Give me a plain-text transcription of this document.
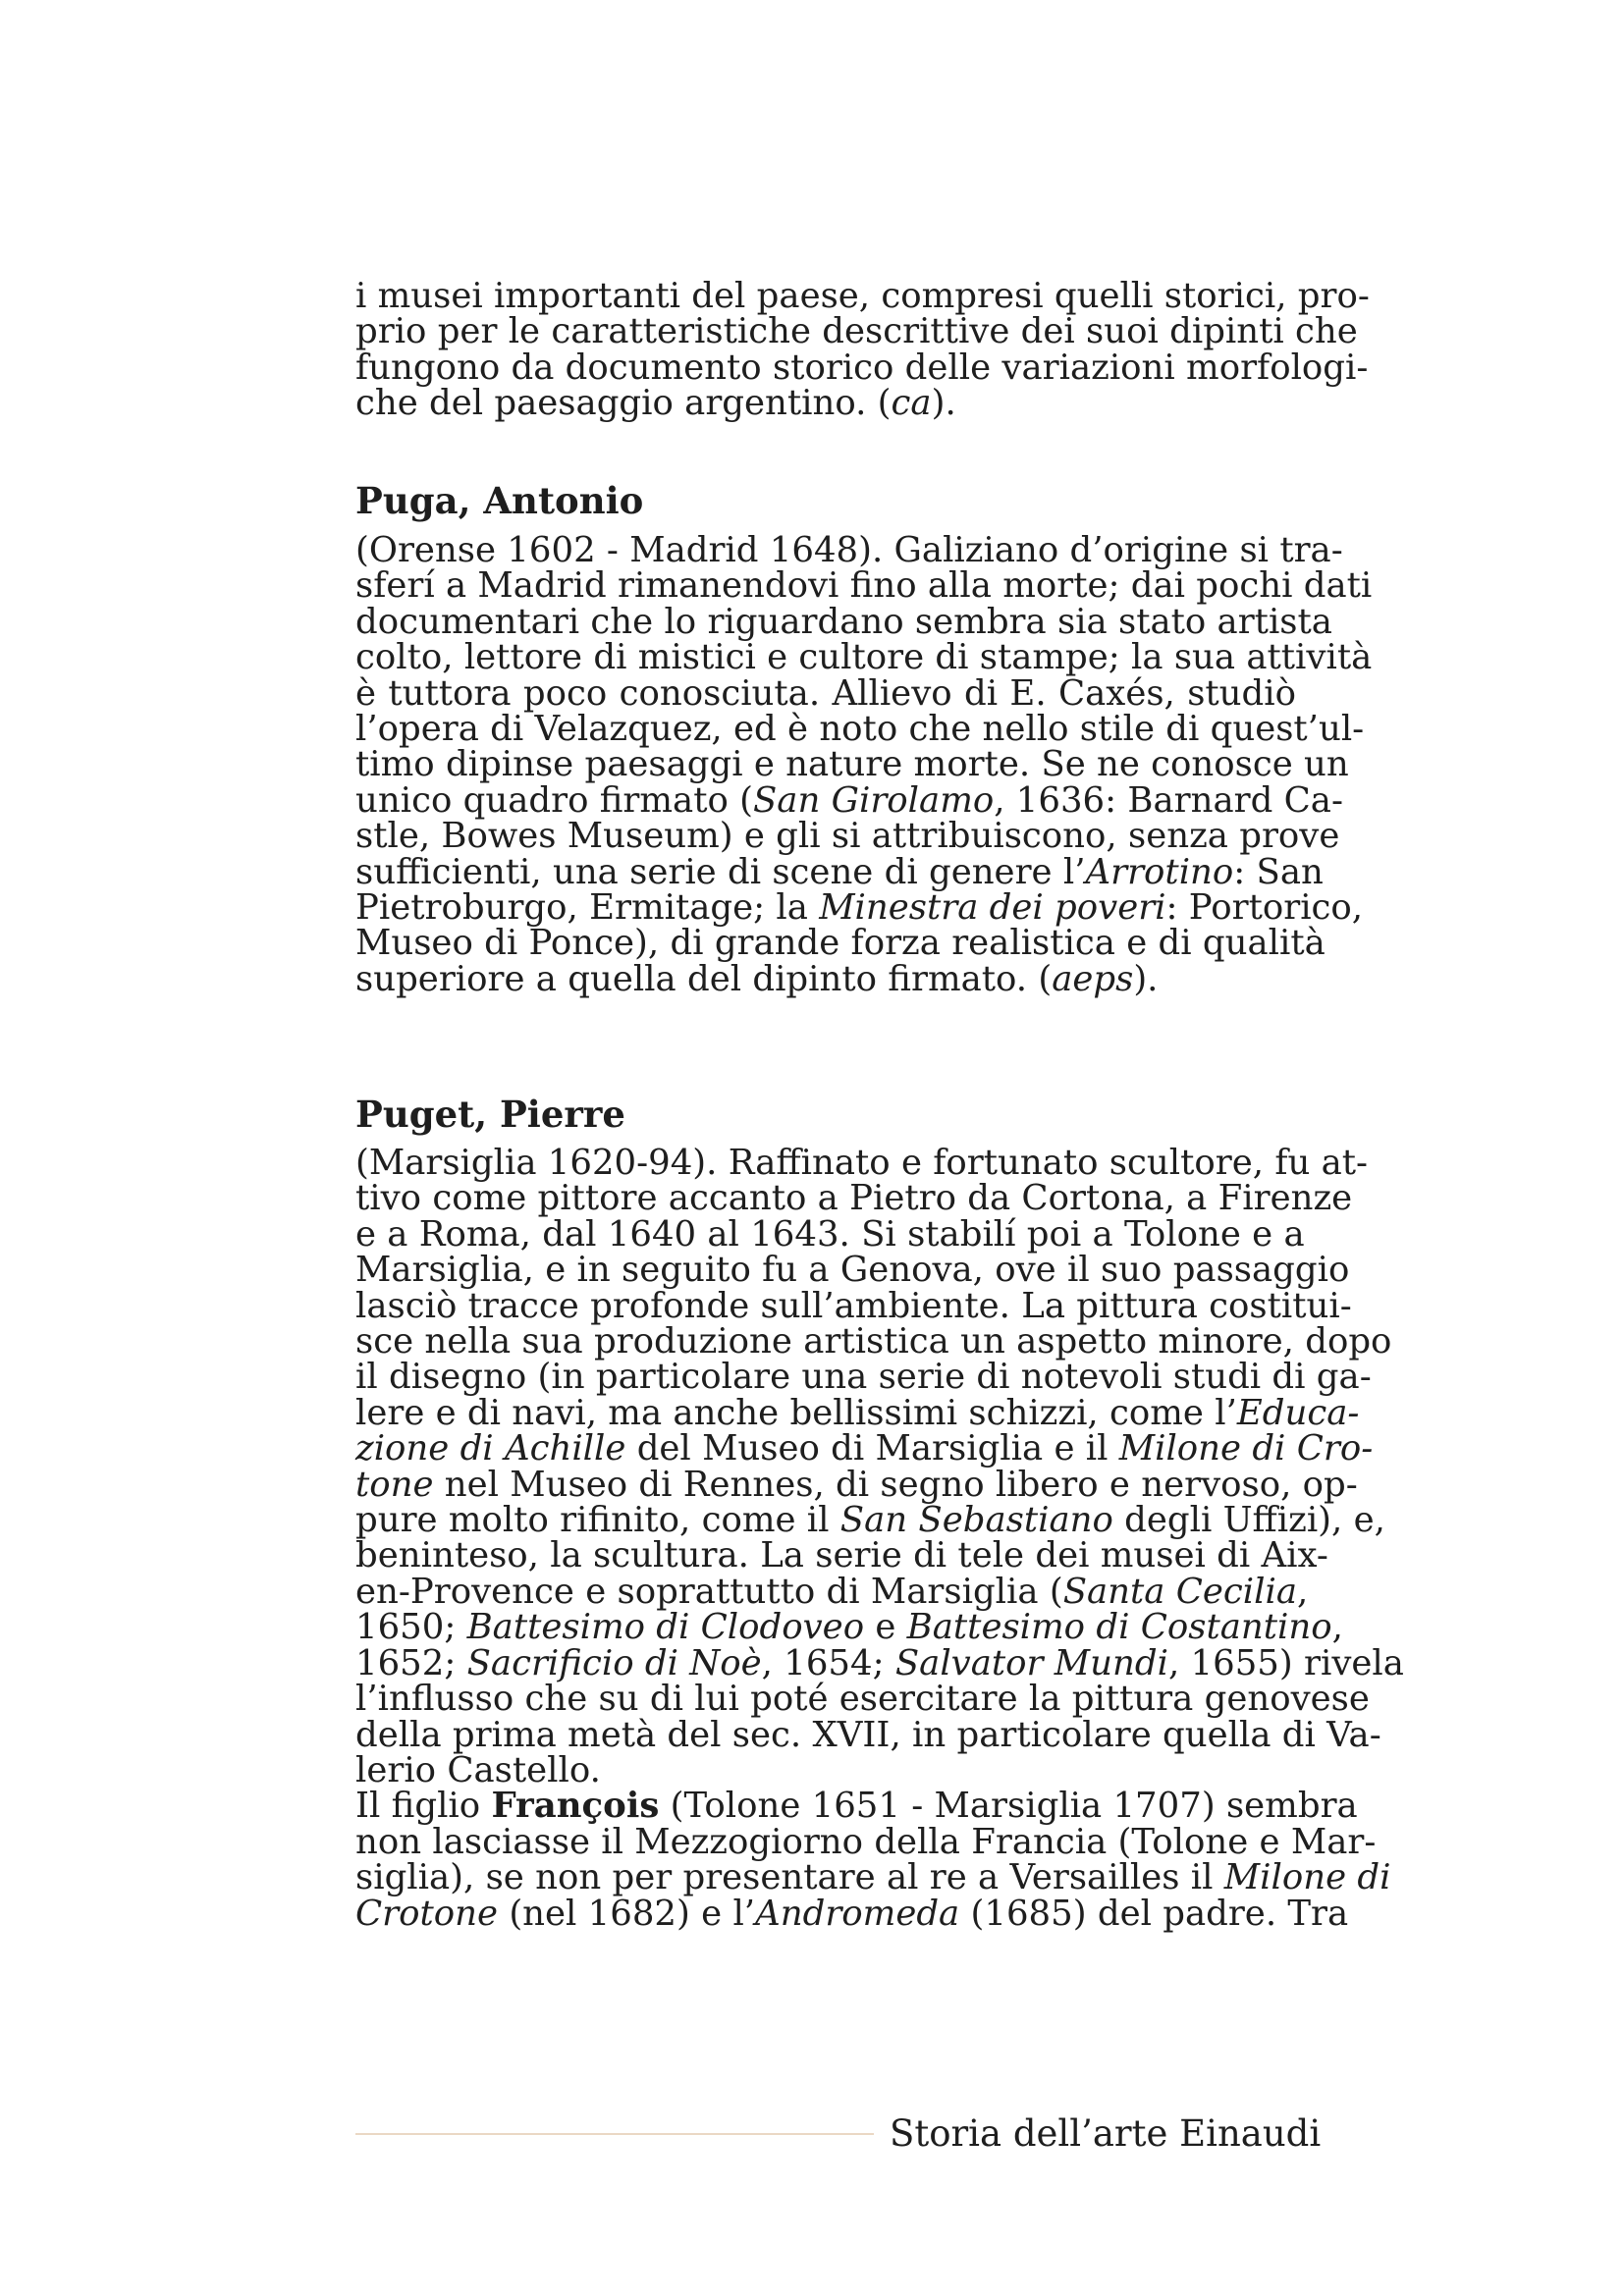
i musei importanti del paese, compresi quelli storici, pro-
prio per le caratteristiche descrittive dei suoi dipinti che
fungono da documento storico delle variazioni morfologi-
che del paesaggio argentino. (ca).
Puga, Antonio
(Orense 1602 - Madrid 1648). Galiziano d’origine si tra-
sferí a Madrid rimanendovi fino alla morte; dai pochi dati
documentari che lo riguardano sembra sia stato artista
colto, lettore di mistici e cultore di stampe; la sua attività
è tuttora poco conosciuta. Allievo di E. Caxés, studiò
l’opera di Velazquez, ed è noto che nello stile di quest’ul-
timo dipinse paesaggi e nature morte. Se ne conosce un
unico quadro firmato (San Girolamo, 1636: Barnard Ca-
stle, Bowes Museum) e gli si attribuiscono, senza prove
sufficienti, una serie di scene di genere l’Arrotino: San
Pietroburgo, Ermitage; la Minestra dei poveri: Portorico,
Museo di Ponce), di grande forza realistica e di qualità
superiore a quella del dipinto firmato. (aeps).
Puget, Pierre
(Marsiglia 1620-94). Raffinato e fortunato scultore, fu at-
tivo come pittore accanto a Pietro da Cortona, a Firenze
e a Roma, dal 1640 al 1643. Si stabilí poi a Tolone e a
Marsiglia, e in seguito fu a Genova, ove il suo passaggio
lasciò tracce profonde sull’ambiente. La pittura costitui-
sce nella sua produzione artistica un aspetto minore, dopo
il disegno (in particolare una serie di notevoli studi di ga-
lere e di navi, ma anche bellissimi schizzi, come l’Educa-
zione di Achille del Museo di Marsiglia e il Milone di Cro-
tone nel Museo di Rennes, di segno libero e nervoso, op-
pure molto rifinito, come il San Sebastiano degli Uffizi), e,
beninteso, la scultura. La serie di tele dei musei di Aix-
en-Provence e soprattutto di Marsiglia (Santa Cecilia,
1650; Battesimo di Clodoveo e Battesimo di Costantino,
1652; Sacrificio di Noè, 1654; Salvator Mundi, 1655) rivela
l’influsso che su di lui poté esercitare la pittura genovese
della prima metà del sec. XVII, in particolare quella di Va-
lerio Castello.
Il figlio François (Tolone 1651 - Marsiglia 1707) sembra
non lasciasse il Mezzogiorno della Francia (Tolone e Mar-
siglia), se non per presentare al re a Versailles il Milone di
Crotone (nel 1682) e l’Andromeda (1685) del padre. Tra
Storia dell’arte Einaudi
